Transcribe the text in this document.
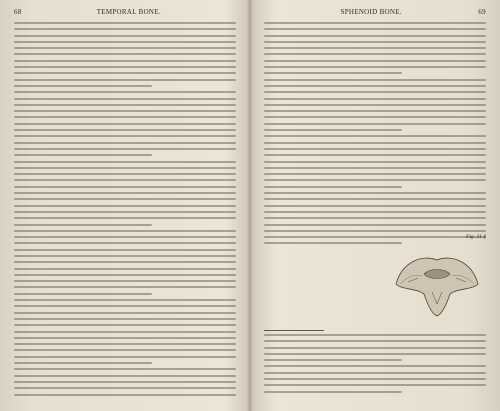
68	TEMPORAL BONE.	SPHENOID BONE.	69
Fig. 31 §
